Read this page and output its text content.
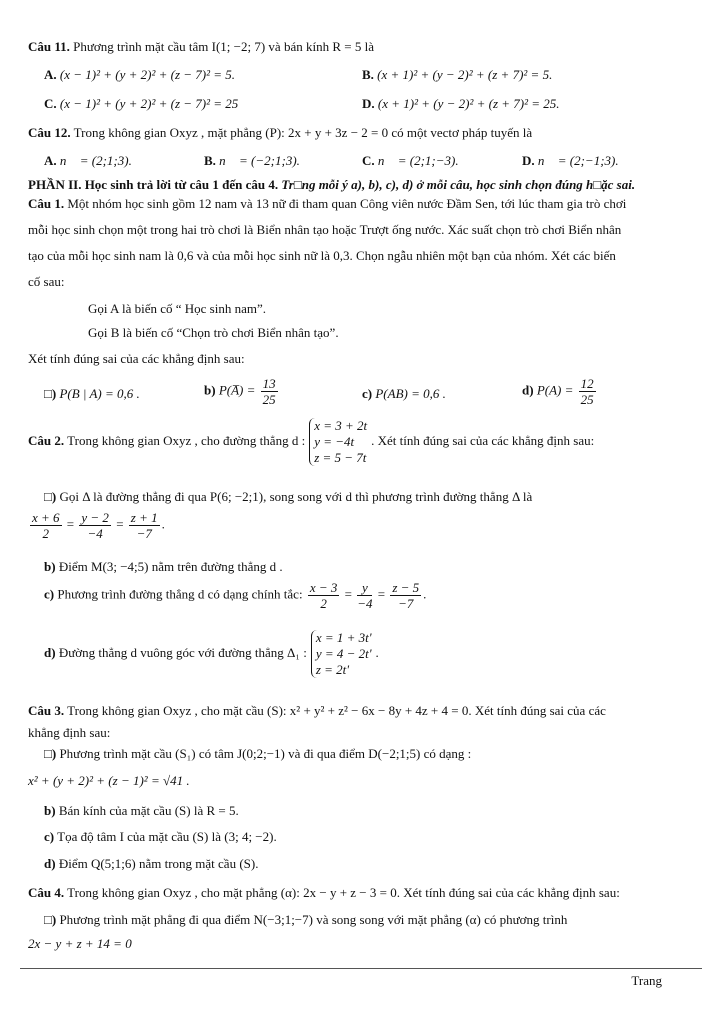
Câu 11. Phương trình mặt cầu tâm I(1; −2; 7) và bán kính R = 5 là
A. (x − 1)² + (y + 2)² + (z − 7)² = 5.	B. (x + 1)² + (y − 2)² + (z + 7)² = 5.
C. (x − 1)² + (y + 2)² + (z − 7)² = 25	D. (x + 1)² + (y − 2)² + (z + 7)² = 25.
Câu 12. Trong không gian Oxyz , mặt phẳng (P): 2x + y + 3z − 2 = 0 có một vectơ pháp tuyến là
A. n⃗ = (2;1;3).	B. n⃗ = (−2;1;3).	C. n⃗ = (2;1;−3).	D. n⃗ = (2;−1;3).
PHẦN II. Học sinh trả lời từ câu 1 đến câu 4. Tr□ng mỗi ý a), b), c), d) ở mỗi câu, học sinh chọn đúng h□ặc sai.
Câu 1. Một nhóm học sinh gồm 12 nam và 13 nữ đi tham quan Công viên nước Đầm Sen, tới lúc tham gia trò chơi
mỗi học sinh chọn một trong hai trò chơi là Biển nhân tạo hoặc Trượt ống nước. Xác suất chọn trò chơi Biển nhân
tạo của mỗi học sinh nam là 0,6 và của mỗi học sinh nữ là 0,3. Chọn ngẫu nhiên một bạn của nhóm. Xét các biến
cố sau:
Gọi A là biến cố “ Học sinh nam”.
Gọi B là biến cố “Chọn trò chơi Biển nhân tạo”.
Xét tính đúng sai của các khẳng định sau:
□) P(B | A) = 0,6 .	b) P(A̅) = $\frac{13}{25}$	c) P(AB) = 0,6 .	d) $P(A) = \frac{12}{25}$
Câu 2. Trong không gian Oxyz , cho đường thẳng d :
x = 3 + 2t
y = −4t
z = 5 − 7t
. Xét tính đúng sai của các khẳng định sau:
□) Gọi Δ là đường thẳng đi qua P(6; −2;1), song song với d thì phương trình đường thẳng Δ là
$\frac{x + 6}{2} = \frac{y - 2}{-4} = \frac{z + 1}{-7}$ .
b) Điểm M(3; −4;5) nằm trên đường thẳng d .
c) Phương trình đường thẳng d có dạng chính tắc: $\frac{x - 3}{2} = \frac{y}{-4} = \frac{z - 5}{-7}$ .
d) Đường thẳng d vuông góc với đường thẳng Δ₁ :
x = 1 + 3t'
y = 4 − 2t'
z = 2t'
.
Câu 3. Trong không gian Oxyz , cho mặt cầu (S): x² + y² + z² − 6x − 8y + 4z + 4 = 0. Xét tính đúng sai của các
khẳng định sau:
□) Phương trình mặt cầu (S₁) có tâm J(0;2;−1) và đi qua điểm D(−2;1;5) có dạng :
x² + (y + 2)² + (z − 1)² = √41 .
b) Bán kính của mặt cầu (S) là R = 5.
c) Tọa độ tâm I của mặt cầu (S) là (3; 4; −2).
d) Điểm Q(5;1;6) nằm trong mặt cầu (S).
Câu 4. Trong không gian Oxyz , cho mặt phẳng (α): 2x − y + z − 3 = 0. Xét tính đúng sai của các khẳng định sau:
□) Phương trình mặt phẳng đi qua điểm N(−3;1;−7) và song song với mặt phẳng (α) có phương trình
2x − y + z + 14 = 0
Trang
